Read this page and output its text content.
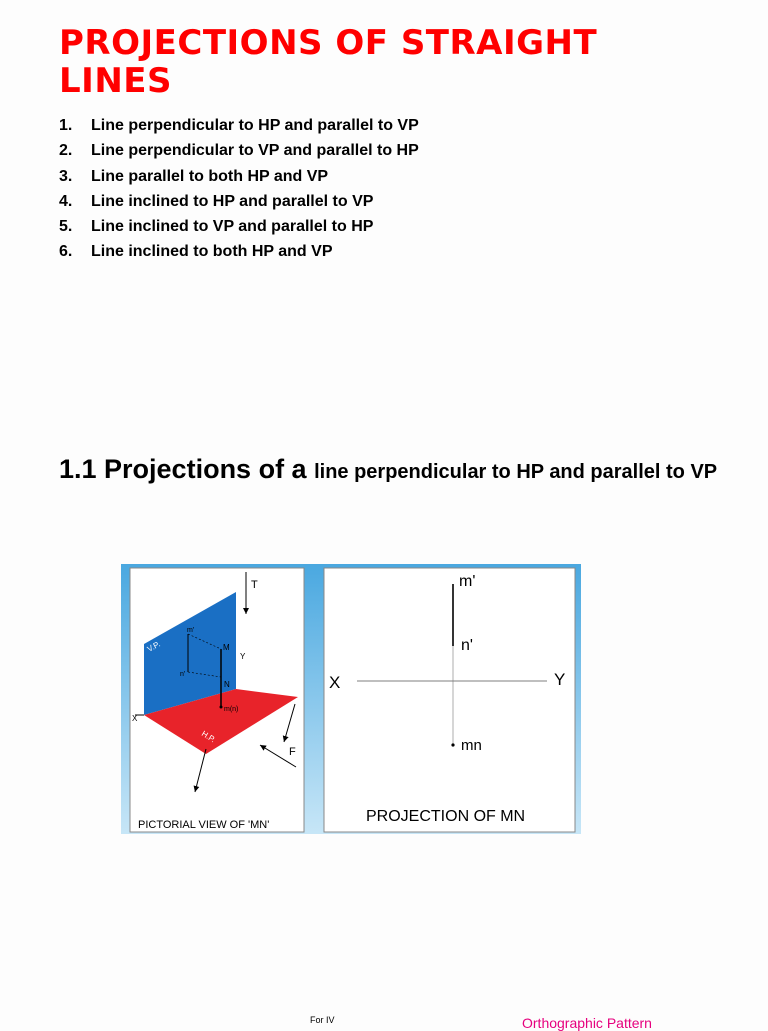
PROJECTIONS OF STRAIGHT LINES
1.	Line perpendicular to HP and parallel to VP
2.	Line perpendicular to VP and parallel to HP
3.	Line parallel to both HP and VP
4.	Line inclined to HP and parallel to VP
5.	Line inclined to VP and parallel to HP
6.	Line inclined to both HP and VP
1.1 Projections of a line perpendicular to HP and parallel to VP
T
V.P.
m'
M
Y
n'
N
X
m(n)
H.P.
F
PICTORIAL VIEW OF 'MN'
m'
n'
X	Y
mn
PROJECTION OF MN
For IV	Orthographic Pattern
